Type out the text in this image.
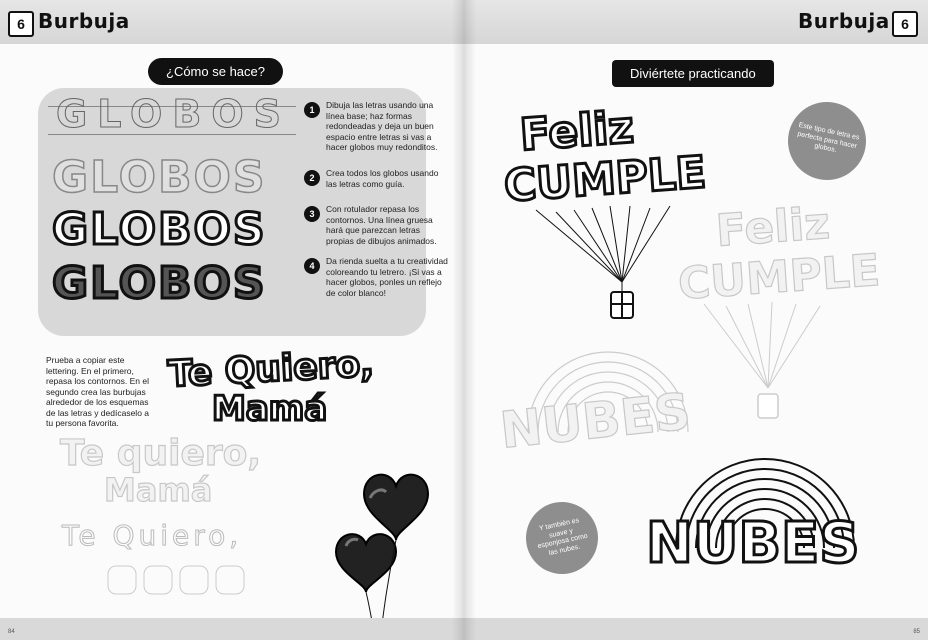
6 Burbuja
¿Cómo se hace?
GLOBOS
GLOBOS
GLOBOS
GLOBOS
1	Dibuja las letras usando una línea base; haz formas redondeadas y deja un buen espacio entre letras si vas a hacer globos muy redonditos.
2	Crea todos los globos usando las letras como guía.
3	Con rotulador repasa los contornos. Una línea gruesa hará que parezcan letras propias de dibujos animados.
4	Da rienda suelta a tu creatividad coloreando tu letrero. ¡Si vas a hacer globos, ponles un reflejo de color blanco!
Prueba a copiar este lettering. En el primero, repasa los contornos. En el segundo crea las burbujas alrededor de los esquemas de las letras y dedícaselo a tu persona favorita.
Te Quiero,
Mamá
Te quiero,
Mamá
Te Quiero,
84
Burbuja 6
Diviértete practicando
Feliz
CUMPLE
Este tipo de letra es perfecta para hacer globos.
Feliz
CUMPLE
NUBES
NUBES
Y también es suave y esponjosa como las nubes.
85
